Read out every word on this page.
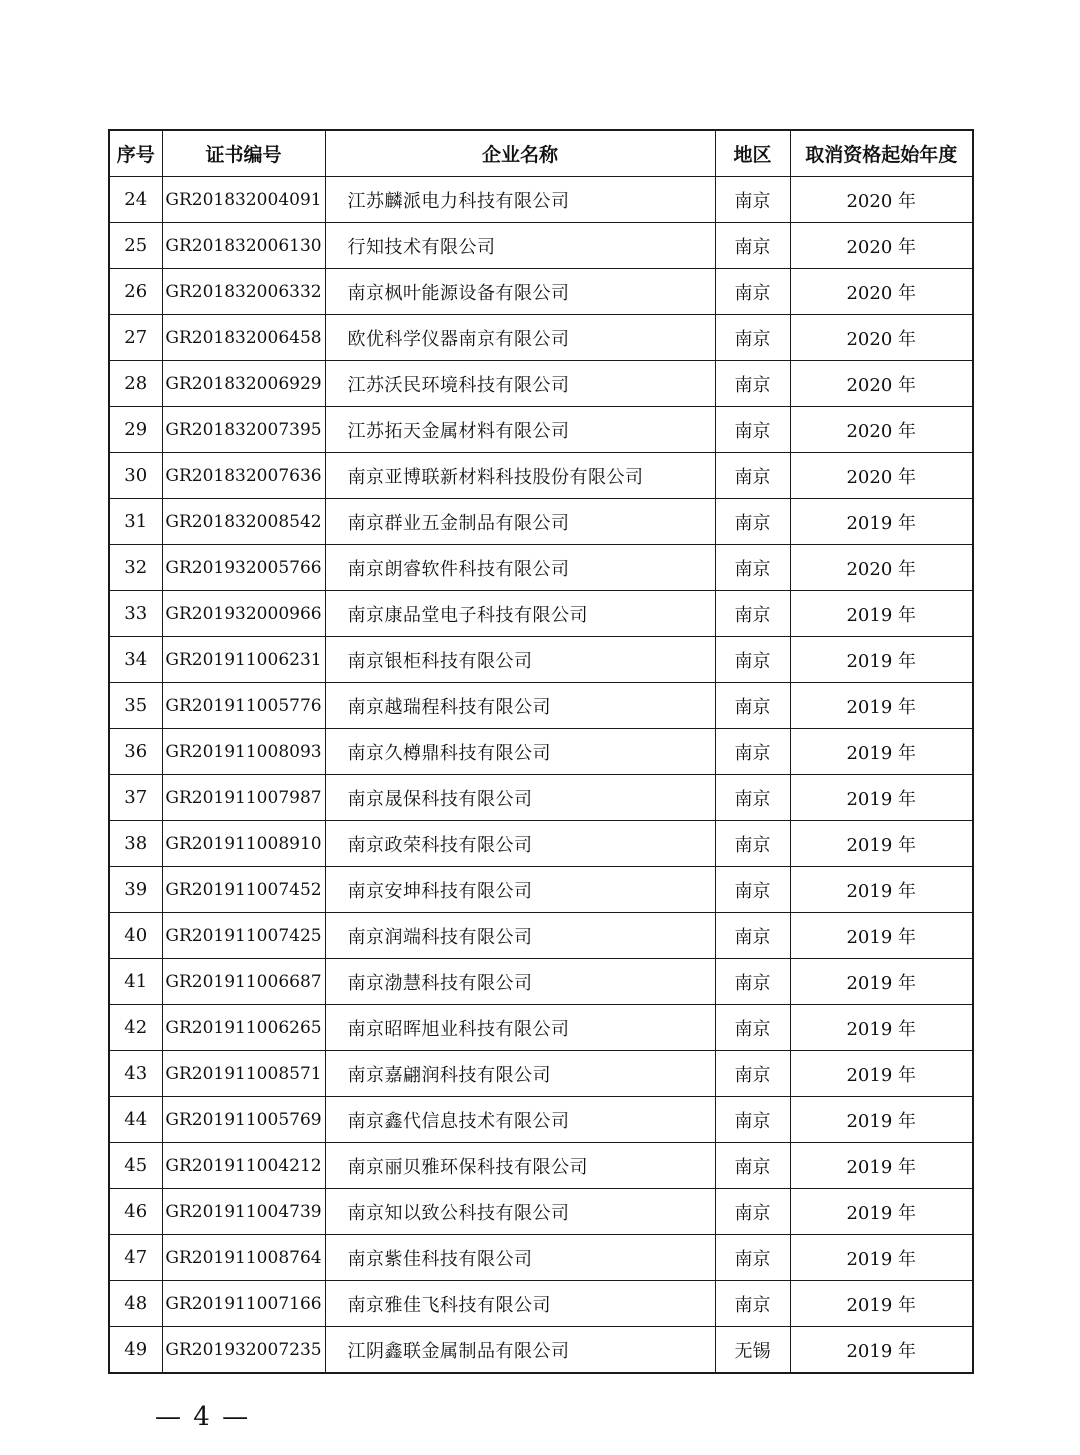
序号	证书编号	企业名称	地区	取消资格起始年度
24	GR201832004091	江苏麟派电力科技有限公司	南京	2020 年
25	GR201832006130	行知技术有限公司	南京	2020 年
26	GR201832006332	南京枫叶能源设备有限公司	南京	2020 年
27	GR201832006458	欧优科学仪器南京有限公司	南京	2020 年
28	GR201832006929	江苏沃民环境科技有限公司	南京	2020 年
29	GR201832007395	江苏拓天金属材料有限公司	南京	2020 年
30	GR201832007636	南京亚博联新材料科技股份有限公司	南京	2020 年
31	GR201832008542	南京群业五金制品有限公司	南京	2019 年
32	GR201932005766	南京朗睿软件科技有限公司	南京	2020 年
33	GR201932000966	南京康品堂电子科技有限公司	南京	2019 年
34	GR201911006231	南京银柜科技有限公司	南京	2019 年
35	GR201911005776	南京越瑞程科技有限公司	南京	2019 年
36	GR201911008093	南京久樽鼎科技有限公司	南京	2019 年
37	GR201911007987	南京晟保科技有限公司	南京	2019 年
38	GR201911008910	南京政荣科技有限公司	南京	2019 年
39	GR201911007452	南京安坤科技有限公司	南京	2019 年
40	GR201911007425	南京润端科技有限公司	南京	2019 年
41	GR201911006687	南京渤慧科技有限公司	南京	2019 年
42	GR201911006265	南京昭晖旭业科技有限公司	南京	2019 年
43	GR201911008571	南京嘉翩润科技有限公司	南京	2019 年
44	GR201911005769	南京鑫代信息技术有限公司	南京	2019 年
45	GR201911004212	南京丽贝雅环保科技有限公司	南京	2019 年
46	GR201911004739	南京知以致公科技有限公司	南京	2019 年
47	GR201911008764	南京紫佳科技有限公司	南京	2019 年
48	GR201911007166	南京雅佳飞科技有限公司	南京	2019 年
49	GR201932007235	江阴鑫联金属制品有限公司	无锡	2019 年
— 4 —
